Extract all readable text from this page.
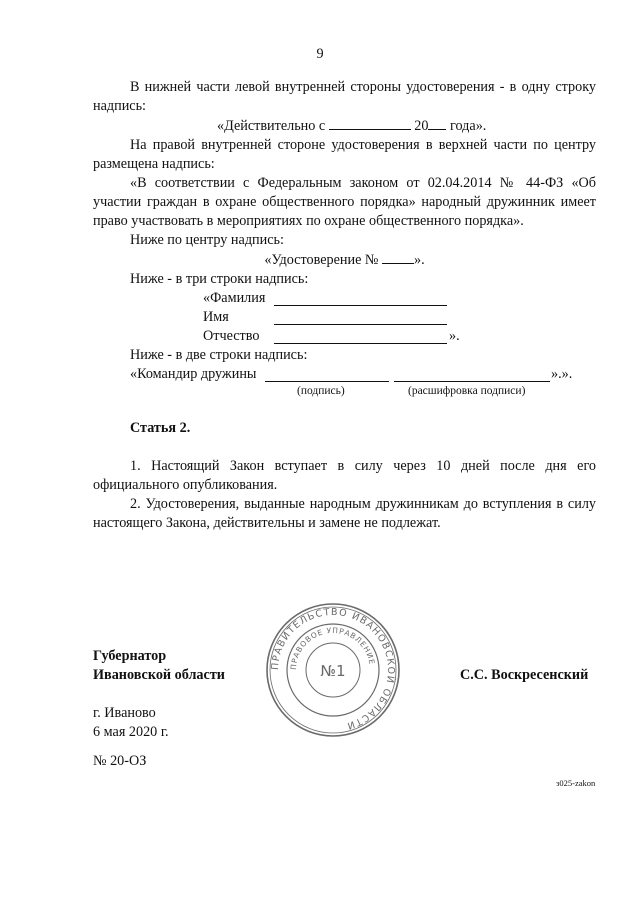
9

В нижней части левой внутренней стороны удостоверения - в одну строку надпись:

«Действительно с	20 года».

На правой внутренней стороне удостоверения в верхней части по центру размещена надпись:

«В соответствии с Федеральным законом от 02.04.2014 № 44-ФЗ «Об участии граждан в охране общественного порядка» народный дружинник имеет право участвовать в мероприятиях по охране общественного порядка».

Ниже по центру надпись:

«Удостоверение №	».

Ниже - в три строки надпись:

«Фамилия
Имя
Отчество	».

Ниже - в две строки надпись:

«Командир дружины	».».
(подпись)	(расшифровка подписи)
Статья 2.

1. Настоящий Закон вступает в силу через 10 дней после дня его официального опубликования.

2. Удостоверения, выданные народным дружинникам до вступления в силу настоящего Закона, действительны и замене не подлежат.

Губернатор
Ивановской области	С.С. Воскресенский
ПРАВИТЕЛЬСТВО ИВАНОВСКОЙ ОБЛАСТИ
ПРАВОВОЕ УПРАВЛЕНИЕ
№1
г. Иваново
6 мая 2020 г.
№ 20-ОЗ
з025-zakon
